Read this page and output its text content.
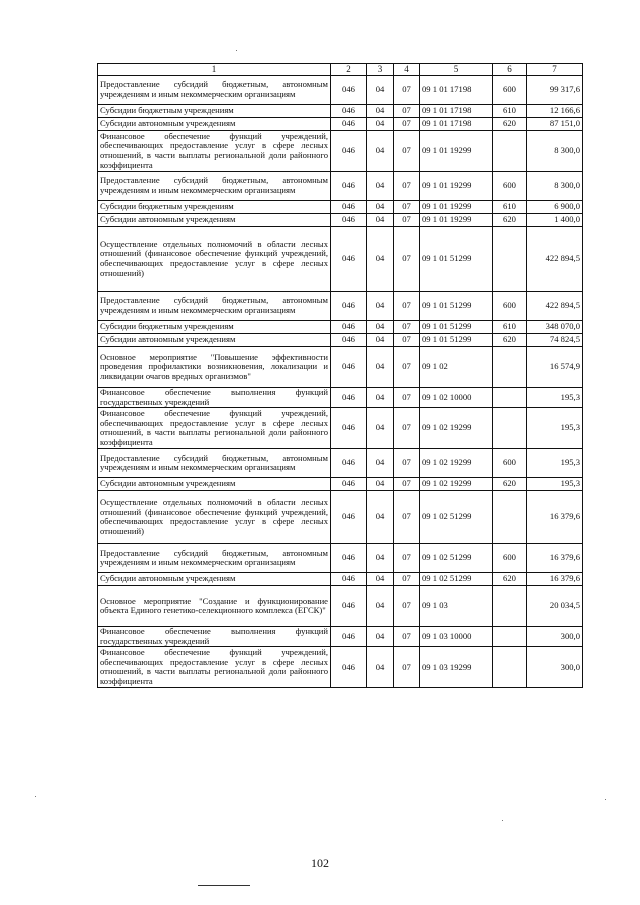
1	2	3	4	5	6	7
Предоставление субсидий бюджетным, автономным учреждениям и иным некоммерческим организациям	046	04	07	09 1 01 17198	600	99 317,6
Субсидии бюджетным учреждениям	046	04	07	09 1 01 17198	610	12 166,6
Субсидии автономным учреждениям	046	04	07	09 1 01 17198	620	87 151,0
Финансовое обеспечение функций учреждений, обеспечивающих предоставление услуг в сфере лесных отношений, в части выплаты региональной доли районного коэффициента	046	04	07	09 1 01 19299		8 300,0
Предоставление субсидий бюджетным, автономным учреждениям и иным некоммерческим организациям	046	04	07	09 1 01 19299	600	8 300,0
Субсидии бюджетным учреждениям	046	04	07	09 1 01 19299	610	6 900,0
Субсидии автономным учреждениям	046	04	07	09 1 01 19299	620	1 400,0
Осуществление отдельных полномочий в области лесных отношений (финансовое обеспечение функций учреждений, обеспечивающих предоставление услуг в сфере лесных отношений)	046	04	07	09 1 01 51299		422 894,5
Предоставление субсидий бюджетным, автономным учреждениям и иным некоммерческим организациям	046	04	07	09 1 01 51299	600	422 894,5
Субсидии бюджетным учреждениям	046	04	07	09 1 01 51299	610	348 070,0
Субсидии автономным учреждениям	046	04	07	09 1 01 51299	620	74 824,5
Основное мероприятие "Повышение эффективности проведения профилактики возникновения, локализации и ликвидации очагов вредных организмов"	046	04	07	09 1 02		16 574,9
Финансовое обеспечение выполнения функций государственных учреждений	046	04	07	09 1 02 10000		195,3
Финансовое обеспечение функций учреждений, обеспечивающих предоставление услуг в сфере лесных отношений, в части выплаты региональной доли районного коэффициента	046	04	07	09 1 02 19299		195,3
Предоставление субсидий бюджетным, автономным учреждениям и иным некоммерческим организациям	046	04	07	09 1 02 19299	600	195,3
Субсидии автономным учреждениям	046	04	07	09 1 02 19299	620	195,3
Осуществление отдельных полномочий в области лесных отношений (финансовое обеспечение функций учреждений, обеспечивающих предоставление услуг в сфере лесных отношений)	046	04	07	09 1 02 51299		16 379,6
Предоставление субсидий бюджетным, автономным учреждениям и иным некоммерческим организациям	046	04	07	09 1 02 51299	600	16 379,6
Субсидии автономным учреждениям	046	04	07	09 1 02 51299	620	16 379,6
Основное мероприятие "Создание и функционирование объекта Единого генетико-селекционного комплекса (ЕГСК)"	046	04	07	09 1 03		20 034,5
Финансовое обеспечение выполнения функций государственных учреждений	046	04	07	09 1 03 10000		300,0
Финансовое обеспечение функций учреждений, обеспечивающих предоставление услуг в сфере лесных отношений, в части выплаты региональной доли районного коэффициента	046	04	07	09 1 03 19299		300,0
102
